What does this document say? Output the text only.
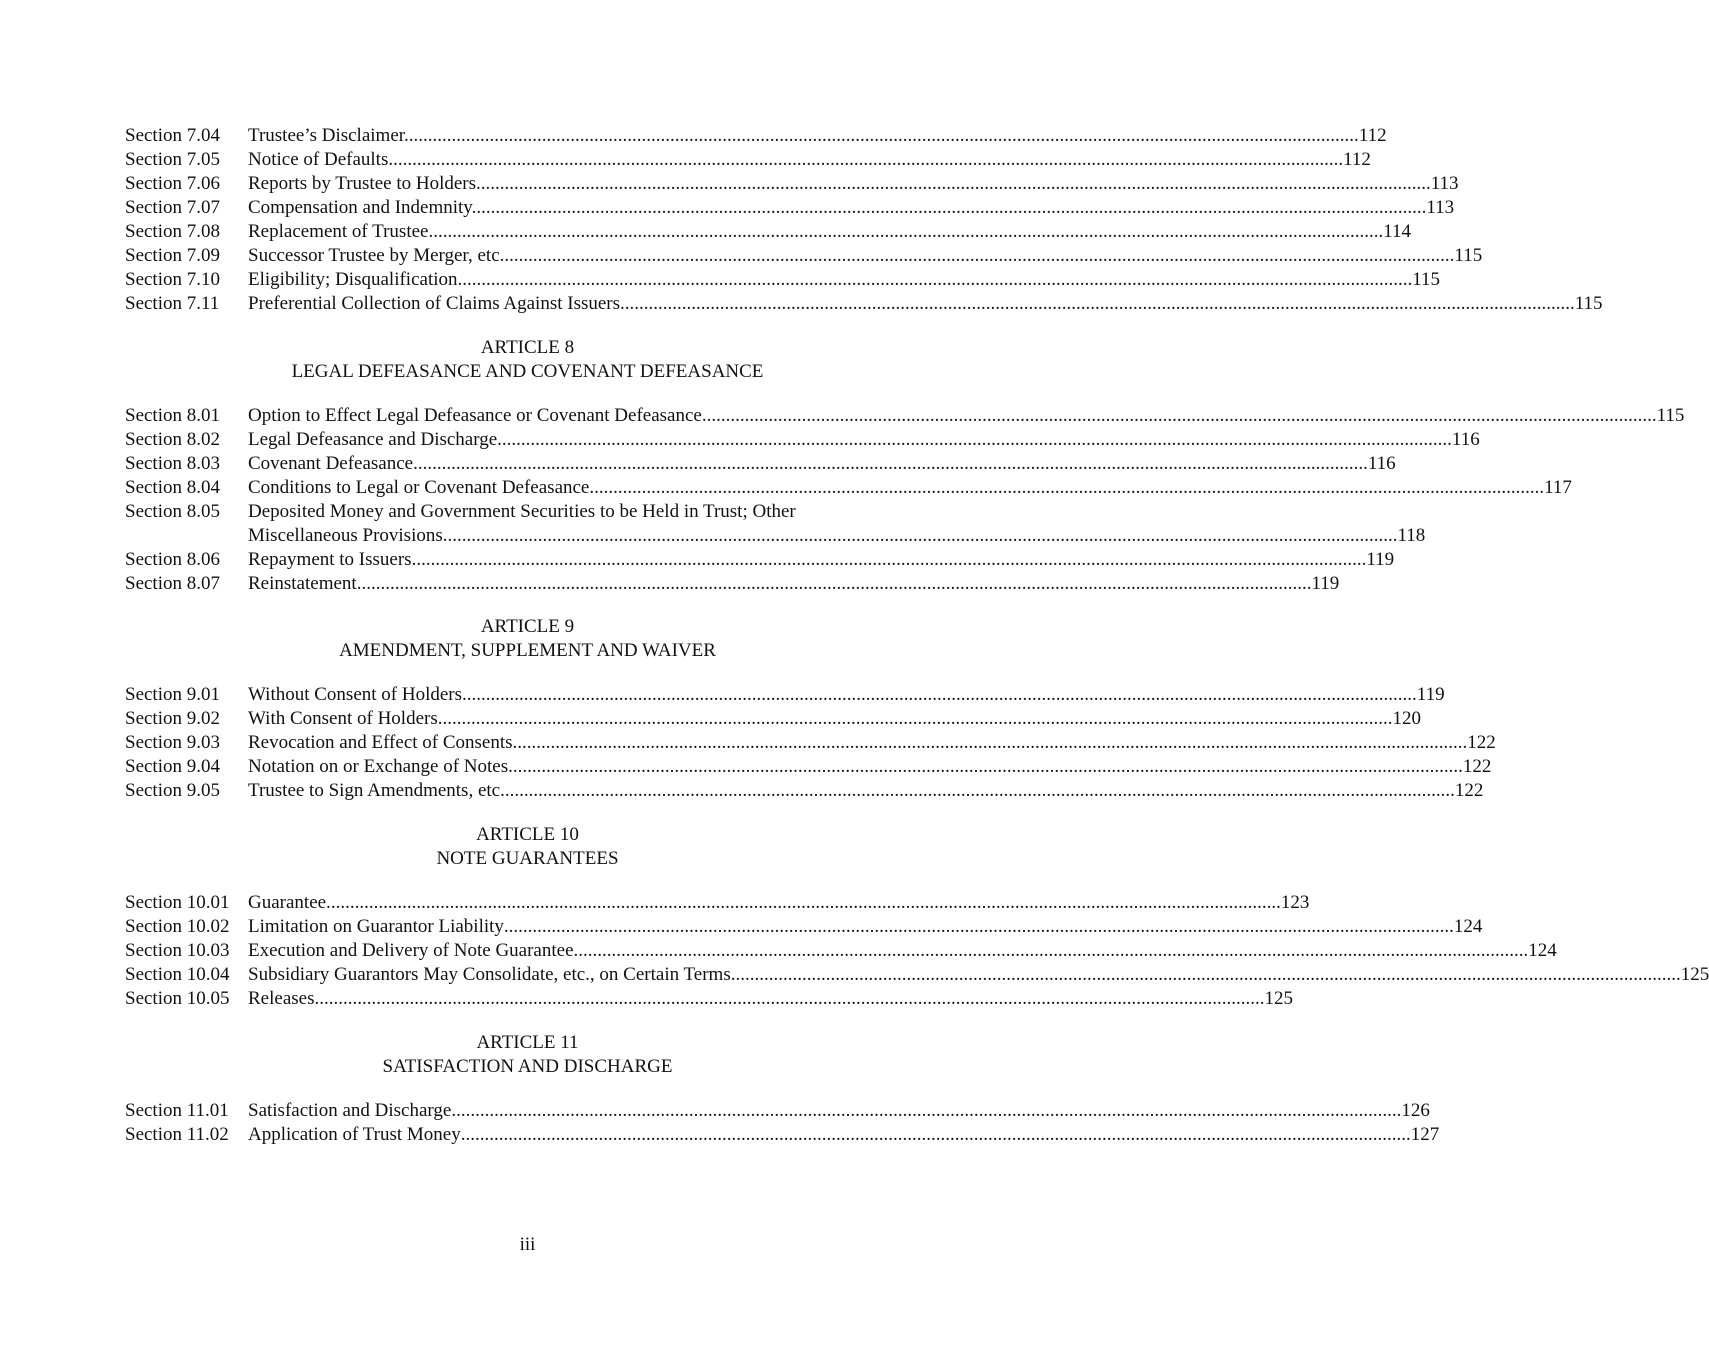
Section 7.04	Trustee’s Disclaimer. .....	112
Section 7.05	Notice of Defaults. .....	112
Section 7.06	Reports by Trustee to Holders. .....	113
Section 7.07	Compensation and Indemnity. .....	113
Section 7.08	Replacement of Trustee. .....	114
Section 7.09	Successor Trustee by Merger, etc. .....	115
Section 7.10	Eligibility; Disqualification. .....	115
Section 7.11	Preferential Collection of Claims Against Issuers. .....	115
ARTICLE 8
LEGAL DEFEASANCE AND COVENANT DEFEASANCE
Section 8.01	Option to Effect Legal Defeasance or Covenant Defeasance. .....	115
Section 8.02	Legal Defeasance and Discharge. .....	116
Section 8.03	Covenant Defeasance. .....	116
Section 8.04	Conditions to Legal or Covenant Defeasance. .....	117
Section 8.05	Deposited Money and Government Securities to be Held in Trust; Other
Miscellaneous Provisions. .....	118
Section 8.06	Repayment to Issuers. .....	119
Section 8.07	Reinstatement. .....	119
ARTICLE 9
AMENDMENT, SUPPLEMENT AND WAIVER
Section 9.01	Without Consent of Holders. .....	119
Section 9.02	With Consent of Holders. .....	120
Section 9.03	Revocation and Effect of Consents. .....	122
Section 9.04	Notation on or Exchange of Notes. .....	122
Section 9.05	Trustee to Sign Amendments, etc. .....	122
ARTICLE 10
NOTE GUARANTEES
Section 10.01 Guarantee. .....	123
Section 10.02 Limitation on Guarantor Liability .....	124
Section 10.03 Execution and Delivery of Note Guarantee. .....	124
Section 10.04 Subsidiary Guarantors May Consolidate, etc., on Certain Terms .....	125
Section 10.05 Releases .....	125
ARTICLE 11
SATISFACTION AND DISCHARGE
Section 11.01	Satisfaction and Discharge .....	126
Section 11.02	Application of Trust Money .....	127
iii
